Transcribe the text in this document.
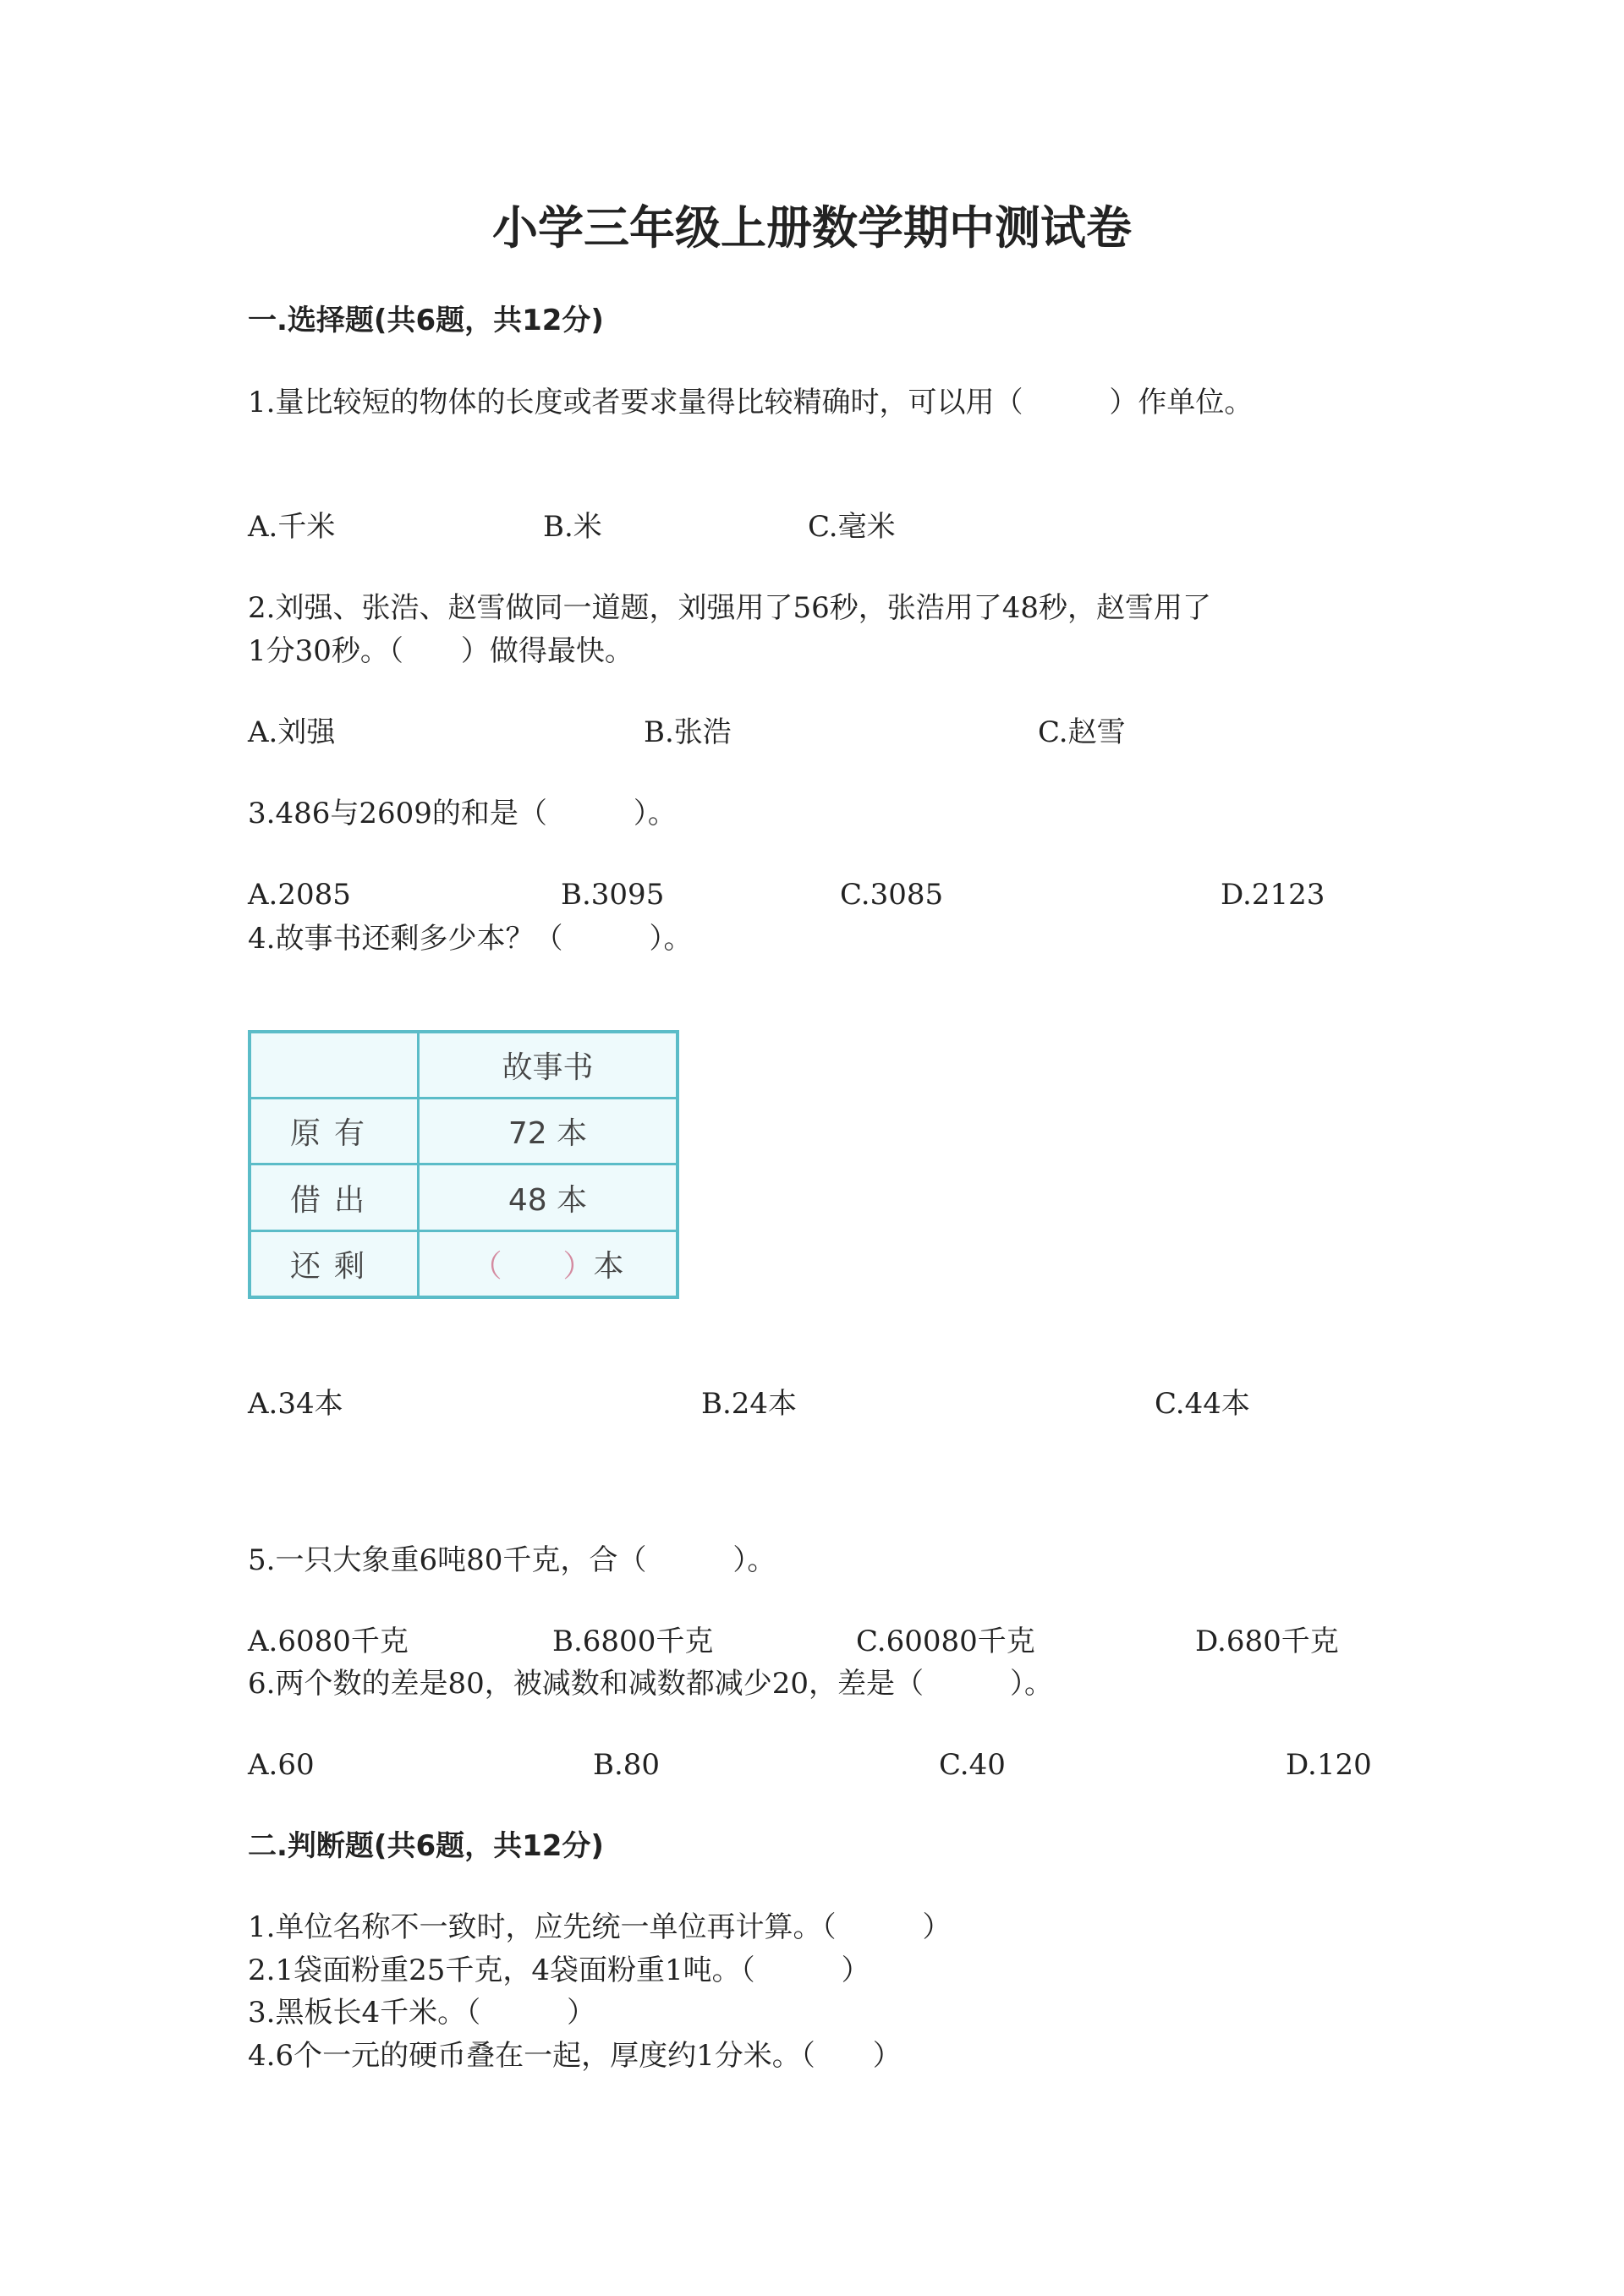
小学三年级上册数学期中测试卷
一.选择题(共6题，共12分)
1.量比较短的物体的长度或者要求量得比较精确时，可以用（　　　）作单位。
A.千米	B.米	C.毫米
2.刘强、张浩、赵雪做同一道题，刘强用了56秒，张浩用了48秒，赵雪用了
1分30秒。（　　）做得最快。
A.刘强	B.张浩	C.赵雪
3.486与2609的和是（　　　）。
A.2085	B.3095	C.3085	D.2123
4.故事书还剩多少本？（　　　）。
	故事书
原有	72 本
借出	48 本
还剩	（　　）本
A.34本	B.24本	C.44本
5.一只大象重6吨80千克，合（　　　）。
A.6080千克	B.6800千克	C.60080千克	D.680千克
6.两个数的差是80，被减数和减数都减少20，差是（　　　）。
A.60	B.80	C.40	D.120
二.判断题(共6题，共12分)
1.单位名称不一致时，应先统一单位再计算。（　　　）
2.1袋面粉重25千克，4袋面粉重1吨。（　　　）
3.黑板长4千米。（　　　）
4.6个一元的硬币叠在一起，厚度约1分米。（　　）
